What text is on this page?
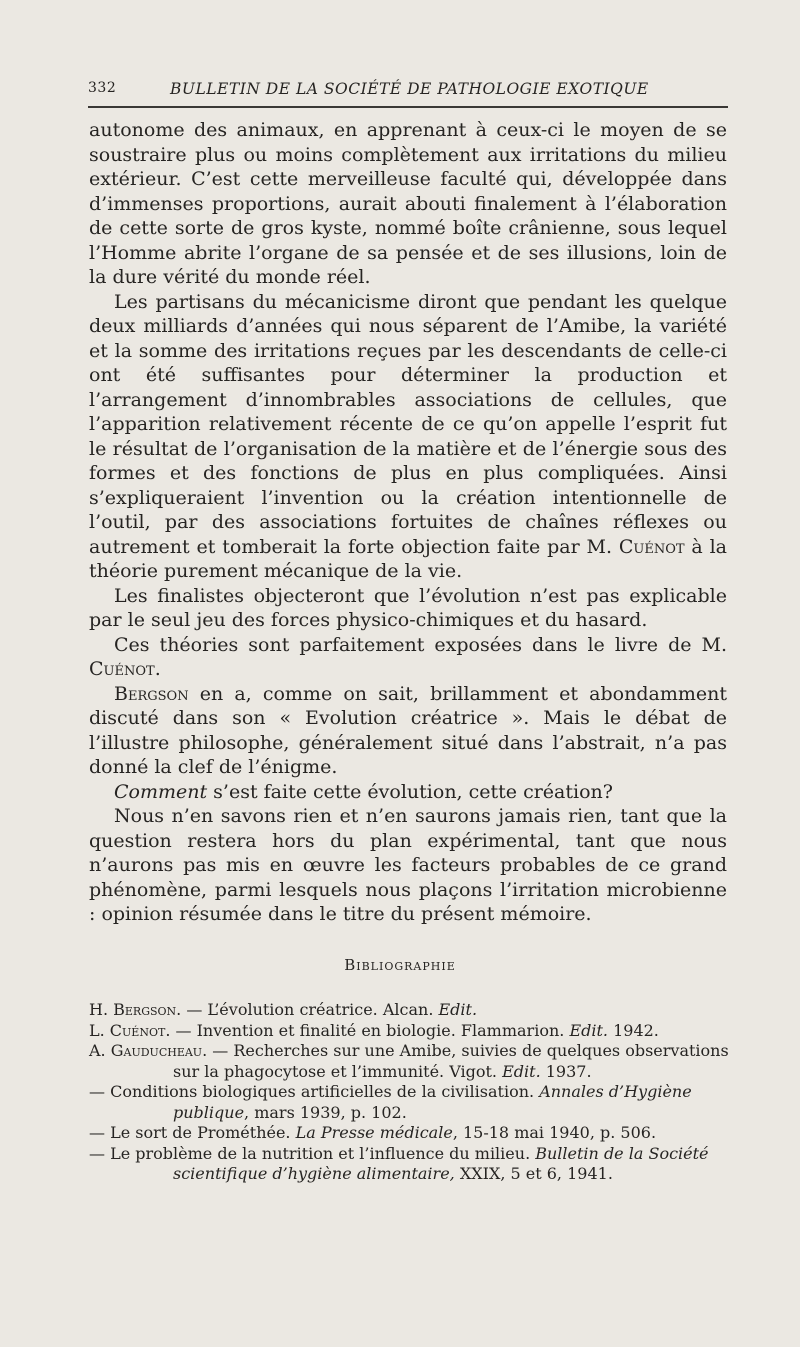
332	BULLETIN DE LA SOCIÉTÉ DE PATHOLOGIE EXOTIQUE

autonome des animaux, en apprenant à ceux-ci le moyen de se soustraire plus ou moins complètement aux irritations du milieu extérieur. C’est cette merveilleuse faculté qui, développée dans d’immenses proportions, aurait abouti finalement à l’élaboration de cette sorte de gros kyste, nommé boîte crânienne, sous lequel l’Homme abrite l’organe de sa pensée et de ses illusions, loin de la dure vérité du monde réel.

Les partisans du mécanicisme diront que pendant les quelque deux milliards d’années qui nous séparent de l’Amibe, la variété et la somme des irritations reçues par les descendants de celle-ci ont été suffisantes pour déterminer la production et l’arrangement d’innombrables associations de cellules, que l’apparition relativement récente de ce qu’on appelle l’esprit fut le résultat de l’organisation de la matière et de l’énergie sous des formes et des fonctions de plus en plus compliquées. Ainsi s’expliqueraient l’invention ou la création intentionnelle de l’outil, par des associations fortuites de chaînes réflexes ou autrement et tomberait la forte objection faite par M. Cuénot à la théorie purement mécanique de la vie.

Les finalistes objecteront que l’évolution n’est pas explicable par le seul jeu des forces physico-chimiques et du hasard.

Ces théories sont parfaitement exposées dans le livre de M. Cuénot.

Bergson en a, comme on sait, brillamment et abondamment discuté dans son « Evolution créatrice ». Mais le débat de l’illustre philosophe, généralement situé dans l’abstrait, n’a pas donné la clef de l’énigme.

Comment s’est faite cette évolution, cette création?

Nous n’en savons rien et n’en saurons jamais rien, tant que la question restera hors du plan expérimental, tant que nous n’aurons pas mis en œuvre les facteurs probables de ce grand phénomène, parmi lesquels nous plaçons l’irritation microbienne : opinion résumée dans le titre du présent mémoire.

Bibliographie

H. Bergson. — L’évolution créatrice. Alcan. Edit.

L. Cuénot. — Invention et finalité en biologie. Flammarion. Edit. 1942.

A. Gauducheau. — Recherches sur une Amibe, suivies de quelques observations sur la phagocytose et l’immunité. Vigot. Edit. 1937.

— Conditions biologiques artificielles de la civilisation. Annales d’Hygiène publique, mars 1939, p. 102.

— Le sort de Prométhée. La Presse médicale, 15-18 mai 1940, p. 506.

— Le problème de la nutrition et l’influence du milieu. Bulletin de la Société scientifique d’hygiène alimentaire, XXIX, 5 et 6, 1941.
